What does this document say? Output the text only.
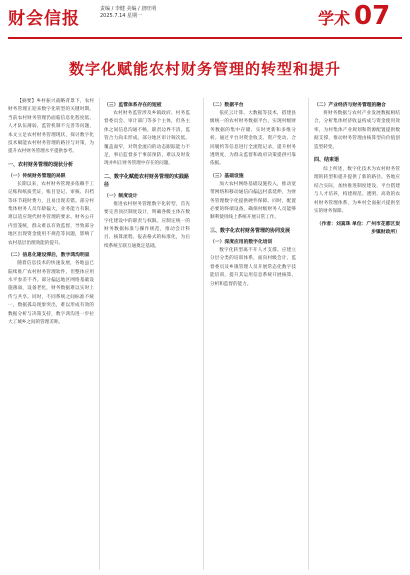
财会信报	责编 / 李健 美编 / 唐旺明
2025.7.14 星期一	学术 07
数字化赋能农村财务管理的转型和提升

【摘要】乡村振兴战略背景下，农村财务管理正迎来数字化转型的关键时期。当前农村财务管理仍面临信息化程度低、人才队伍薄弱、监管机制不完善等问题，本文立足农村财务管理现状，探讨数字化技术赋能农村财务管理的路径与对策，为提升农村财务管理水平提供参考。

一、农村财务管理的现状分析
（一）传统财务管理的局限

长期以来，农村财务管理多依赖手工记账和纸质凭证，账目登记、审核、归档等环节耗时费力，且易出现差错。部分村集体财务人员年龄偏大，业务能力有限，难以适应现代财务管理的要求。财务公开内容笼统，群众难以有效监督，导致部分地区出现资金使用不规范等问题，影响了农村基层治理效能的提升。

（二）信息化建设滞后，数字鸿沟明显

随着信息技术的快速发展，各地虽已陆续推广农村财务管理软件，但整体应用水平参差不齐。部分偏远地区网络基础设施薄弱，设备老化，财务数据难以实时上传与共享。同时，不同系统之间标准不统一，数据孤岛现象突出，难以形成有效的数据分析与决策支持，数字鸿沟进一步拉大了城乡之间的管理差距。

（三）监管体系存在的短板

农村财务监管涉及乡镇政府、村务监督委员会、审计部门等多个主体，但各主体之间信息沟通不畅，职责边界不清，监管合力尚未形成。部分地区审计频次低、覆盖面窄，对资金流向的动态跟踪能力不足，事后监督多于事前预防，难以及时发现并纠正财务管理中存在的问题。

二、数字化赋能农村财务管理的实践路径
（一）制度设计

推进农村财务管理数字化转型，首先要完善顶层制度设计，明确各级主体在数字化建设中的职责与权限。应制定统一的财务数据标准与操作规范，推动会计科目、核算流程、报表格式的标准化，为后续系统互联互通奠定基础。

（二）数据平台

依托云计算、大数据等技术，搭建县级统一的农村财务数据平台，实现村级财务数据的集中存储、实时更新和多维分析。通过平台对资金收支、资产变动、合同履约等信息进行全流程记录，提升财务透明度，为群众监督和政府决策提供可靠依据。

（三）基础设施

加大农村网络基础设施投入，推动宽带网络和移动通信向偏远村落延伸，为财务管理数字化提供硬件保障。同时，配置必要的终端设备，确保村级财务人员能够顺利使用线上系统开展日常工作。

三、数字化农村财务管理的协同发展
（一）深度应用的数字化培训

数字化转型离不开人才支撑。应建立分层分类的培训体系，面向村级会计、监督委员及乡镇管理人员开展常态化数字技能培训，提升其运用信息系统开展核算、分析和监督的能力。

（二）产业经济与财务管理的融合

将财务数据与农村产业发展数据相结合，分析集体经济收益构成与资金使用效率，为村集体产业规划和资源配置提供数据支撑，推动财务管理由核算型向价值创造型转变。

四、结束语

综上所述，数字化技术为农村财务管理的转型和提升提供了新的路径。各地应结合实际，加快推进制度建设、平台搭建与人才培养，构建规范、透明、高效的农村财务管理体系，为乡村全面振兴提供坚实的财务保障。

（作者：刘真珠 单位：广州市花都区炭步镇财政所）
